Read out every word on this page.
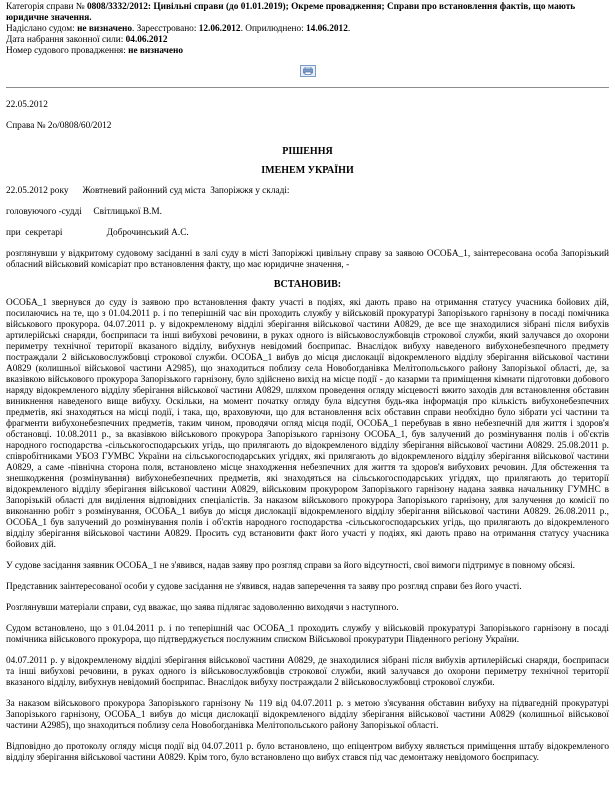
Категорія справи № 0808/3332/2012: Цивільні справи (до 01.01.2019); Окреме провадження; Справи про встановлення фактів, що мають юридичне значення.
Надіслано судом: не визначено. Зареєстровано: 12.06.2012. Оприлюднено: 14.06.2012.
Дата набрання законної сили: 04.06.2012
Номер судового провадження: не визначено
22.05.2012
Справа № 2о/0808/60/2012
РІШЕННЯ
ІМЕНЕМ УКРАЇНИ
22.05.2012 року Жовтневий районний суд міста  Запоріжжя у складі:
головуючого -судді Світлицької В.М.
при  секретарі	Доброчинський А.С.
розглянувши у відкритому судовому засіданні в залі суду в місті Запоріжжі цивільну справу за заявою ОСОБА_1, заінтересована особа Запорізький обласний військовий комісаріат про встановлення факту, що має юридичне значення, -
ВСТАНОВИВ:
ОСОБА_1 звернувся до суду із заявою про встановлення факту участі в подіях, які дають право на отримання статусу учасника бойових дій, посилаючись на те, що з 01.04.2011 р. і по теперішній час він проходить службу у військовій прокуратурі Запорізького гарнізону в посаді помічника військового прокурора. 04.07.2011 р. у відокремленому відділі зберігання військової частини А0829, де все ще знаходилися зібрані після вибухів артилерійські снаряди, боєприпаси та інші вибухові речовини, в руках одного із військовослужбовців строкової служби, який залучався до охорони периметру технічної території вказаного відділу, вибухнув невідомий боєприпас. Внаслідок вибуху наведеного вибухонебезпечного предмету постраждали 2 військовослужбовці строкової служби. ОСОБА_1 вибув до місця дислокації відокремленого відділу зберігання військової частини А0829 (колишньої військової частини А2985), що знаходиться поблизу села Новобогданівка Мелітопольського району Запорізької області, де, за вказівкою військового прокурора Запорізького гарнізону, було здійснено вихід на місце події - до казарми та приміщення кімнати підготовки добового наряду відокремленого відділу зберігання військової частини А0829, шляхом проведення огляду місцевості вжито заходів для встановлення обставин виникнення наведеного вище вибуху. Оскільки, на момент початку огляду була відсутня будь-яка інформація про кількість вибухонебезпечних предметів, які знаходяться на місці події, і така, що, враховуючи, що для встановлення всіх обставин справи необхідно було зібрати усі частини та фрагменти вибухонебезпечних предметів, таким чином, проводячи огляд місця події, ОСОБА_1 перебував в явно небезпечній для життя і здоров'я обстановці. 10.08.2011 р., за вказівкою військового прокурора Запорізького гарнізону ОСОБА_1, був залучений до розмінування полів і об'єктів народного господарства -сільськогосподарських угідь, що прилягають до відокремленого відділу зберігання військової частини А0829. 25.08.2011 р. співробітниками УБОЗ ГУМВС України на сільськогосподарських угіддях, які прилягають до відокремленого відділу зберігання військової частини А0829, а саме -північна сторона поля, встановлено місце знаходження небезпечних для життя та здоров'я вибухових речовин. Для обстеження та знешкодження (розмінування) вибухонебезпечних предметів, які знаходяться на сільськогосподарських угіддях, що прилягають до території відокремленого відділу зберігання військової частини А0829, військовим прокурором Запорізького гарнізону надана заявка начальнику ГУМНС в Запорізькій області для виділення відповідних спеціалістів. За наказом військового прокурора Запорізького гарнізону, для залучення до комісії по виконанню робіт з розмінування, ОСОБА_1 вибув до місця дислокації відокремленого відділу зберігання військової частини А0829. 26.08.2011 р., ОСОБА_1 був залучений до розмінування полів і об'єктів народного господарства -сільськогосподарських угідь, що прилягають до відокремленого відділу зберігання військової частини А0829. Просить суд встановити факт його участі у подіях, які дають право на отримання статусу учасника бойових дій.
У судове засідання заявник ОСОБА_1 не з'явився, надав заяву про розгляд справи за його відсутності, свої вимоги підтримує в повному обсязі.
Представник заінтересованої особи у судове засідання не з'явився, надав заперечення та заяву про розгляд справи без його участі.
Розглянувши матеріали справи, суд вважає, що заява підлягає задоволенню виходячи з наступного.
Судом встановлено, що з 01.04.2011 р. і по теперішній час ОСОБА_1 проходить службу у військовій прокуратурі Запорізького гарнізону в посаді помічника військового прокурора, що підтверджується послужним списком Військової прокуратури Південного регіону України.
04.07.2011 р. у відокремленому відділі зберігання військової частини А0829, де знаходилися зібрані після вибухів артилерійські снаряди, боєприпаси та інші вибухові речовини, в руках одного із військовослужбовців строкової служби, який залучався до охорони периметру технічної території вказаного відділу, вибухнув невідомий боєприпас. Внаслідок вибуху постраждали 2 військовослужбовці строкової служби.
За наказом військового прокурора Запорізького гарнізону № 119 від 04.07.2011 р. з метою з'ясування обставин вибуху на підвагедній прокуратурі Запорізького гарнізону, ОСОБА_1 вибув до місця дислокації відокремленого відділу зберігання військової частини А0829 (колишньої військової частини А2985), що знаходиться поблизу села Новобогданівка Мелітопольського району Запорізької області.
Відповідно до протоколу огляду місця події від 04.07.2011 р. було встановлено, що епіцентром вибуху являється приміщення штабу відокремленого відділу зберігання військової частини А0829. Крім того, було встановлено що вибух стався під час демонтажу невідомого боєприпасу.
